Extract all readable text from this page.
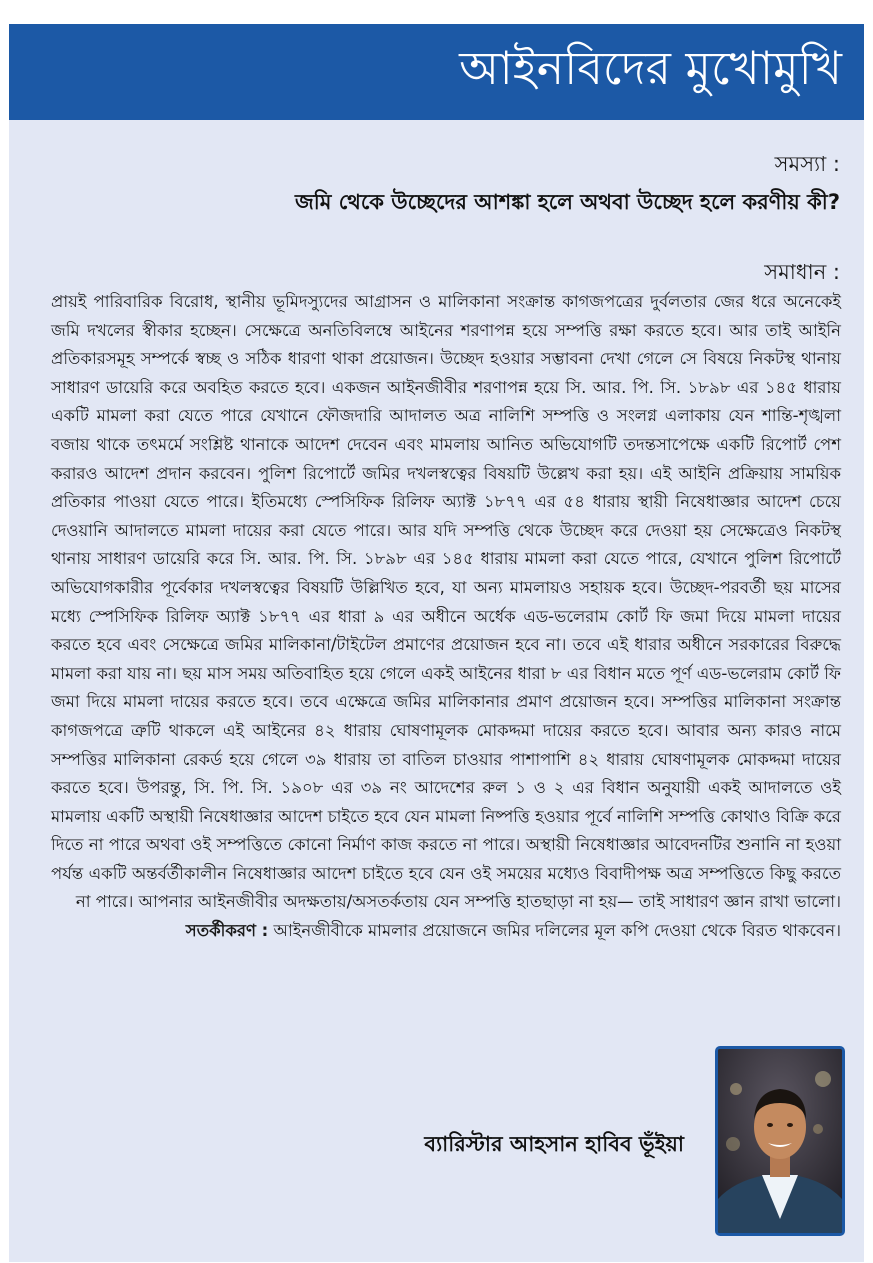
আইনবিদের মুখোমুখি
সমস্যা :
জমি থেকে উচ্ছেদের আশঙ্কা হলে অথবা উচ্ছেদ হলে করণীয় কী?
সমাধান :

প্রায়ই পারিবারিক বিরোধ, স্থানীয় ভূমিদস্যুদের আগ্রাসন ও মালিকানা সংক্রান্ত কাগজপত্রের দুর্বলতার জের ধরে অনেকেই জমি দখলের স্বীকার হচ্ছেন। সেক্ষেত্রে অনতিবিলম্বে আইনের শরণাপন্ন হয়ে সম্পত্তি রক্ষা করতে হবে। আর তাই আইনি প্রতিকারসমূহ সম্পর্কে স্বচ্ছ ও সঠিক ধারণা থাকা প্রয়োজন। উচ্ছেদ হওয়ার সম্ভাবনা দেখা গেলে সে বিষয়ে নিকটস্থ থানায় সাধারণ ডায়েরি করে অবহিত করতে হবে। একজন আইনজীবীর শরণাপন্ন হয়ে সি. আর. পি. সি. ১৮৯৮ এর ১৪৫ ধারায় একটি মামলা করা যেতে পারে যেখানে ফৌজদারি আদালত অত্র নালিশি সম্পত্তি ও সংলগ্ন এলাকায় যেন শান্তি-শৃঙ্খলা বজায় থাকে তৎমর্মে সংশ্লিষ্ট থানাকে আদেশ দেবেন এবং মামলায় আনিত অভিযোগটি তদন্তসাপেক্ষে একটি রিপোর্ট পেশ করারও আদেশ প্রদান করবেন। পুলিশ রিপোর্টে জমির দখলস্বত্বের বিষয়টি উল্লেখ করা হয়। এই আইনি প্রক্রিয়ায় সাময়িক প্রতিকার পাওয়া যেতে পারে। ইতিমধ্যে স্পেসিফিক রিলিফ অ্যাক্ট ১৮৭৭ এর ৫৪ ধারায় স্থায়ী নিষেধাজ্ঞার আদেশ চেয়ে দেওয়ানি আদালতে মামলা দায়ের করা যেতে পারে। আর যদি সম্পত্তি থেকে উচ্ছেদ করে দেওয়া হয় সেক্ষেত্রেও নিকটস্থ থানায় সাধারণ ডায়েরি করে সি. আর. পি. সি. ১৮৯৮ এর ১৪৫ ধারায় মামলা করা যেতে পারে, যেখানে পুলিশ রিপোর্টে অভিযোগকারীর পূর্বেকার দখলস্বত্বের বিষয়টি উল্লিখিত হবে, যা অন্য মামলায়ও সহায়ক হবে। উচ্ছেদ-পরবর্তী ছয় মাসের মধ্যে স্পেসিফিক রিলিফ অ্যাক্ট ১৮৭৭ এর ধারা ৯ এর অধীনে অর্ধেক এড-ভলেরাম কোর্ট ফি জমা দিয়ে মামলা দায়ের করতে হবে এবং সেক্ষেত্রে জমির মালিকানা/টাইটেল প্রমাণের প্রয়োজন হবে না। তবে এই ধারার অধীনে সরকারের বিরুদ্ধে মামলা করা যায় না। ছয় মাস সময় অতিবাহিত হয়ে গেলে একই আইনের ধারা ৮ এর বিধান মতে পূর্ণ এড-ভলেরাম কোর্ট ফি জমা দিয়ে মামলা দায়ের করতে হবে। তবে এক্ষেত্রে জমির মালিকানার প্রমাণ প্রয়োজন হবে। সম্পত্তির মালিকানা সংক্রান্ত কাগজপত্রে ত্রুটি থাকলে এই আইনের ৪২ ধারায় ঘোষণামূলক মোকদ্দমা দায়ের করতে হবে। আবার অন্য কারও নামে সম্পত্তির মালিকানা রেকর্ড হয়ে গেলে ৩৯ ধারায় তা বাতিল চাওয়ার পাশাপাশি ৪২ ধারায় ঘোষণামূলক মোকদ্দমা দায়ের করতে হবে। উপরন্তু, সি. পি. সি. ১৯০৮ এর ৩৯ নং আদেশের রুল ১ ও ২ এর বিধান অনুযায়ী একই আদালতে ওই মামলায় একটি অস্থায়ী নিষেধাজ্ঞার আদেশ চাইতে হবে যেন মামলা নিষ্পত্তি হওয়ার পূর্বে নালিশি সম্পত্তি কোথাও বিক্রি করে দিতে না পারে অথবা ওই সম্পত্তিতে কোনো নির্মাণ কাজ করতে না পারে। অস্থায়ী নিষেধাজ্ঞার আবেদনটির শুনানি না হওয়া পর্যন্ত একটি অন্তর্বর্তীকালীন নিষেধাজ্ঞার আদেশ চাইতে হবে যেন ওই সময়ের মধ্যেও বিবাদীপক্ষ অত্র সম্পত্তিতে কিছু করতে না পারে। আপনার আইনজীবীর অদক্ষতায়/অসতর্কতায় যেন সম্পত্তি হাতছাড়া না হয়— তাই সাধারণ জ্ঞান রাখা ভালো।

সতর্কীকরণ : আইনজীবীকে মামলার প্রয়োজনে জমির দলিলের মূল কপি দেওয়া থেকে বিরত থাকবেন।

ব্যারিস্টার আহসান হাবিব ভূঁইয়া
